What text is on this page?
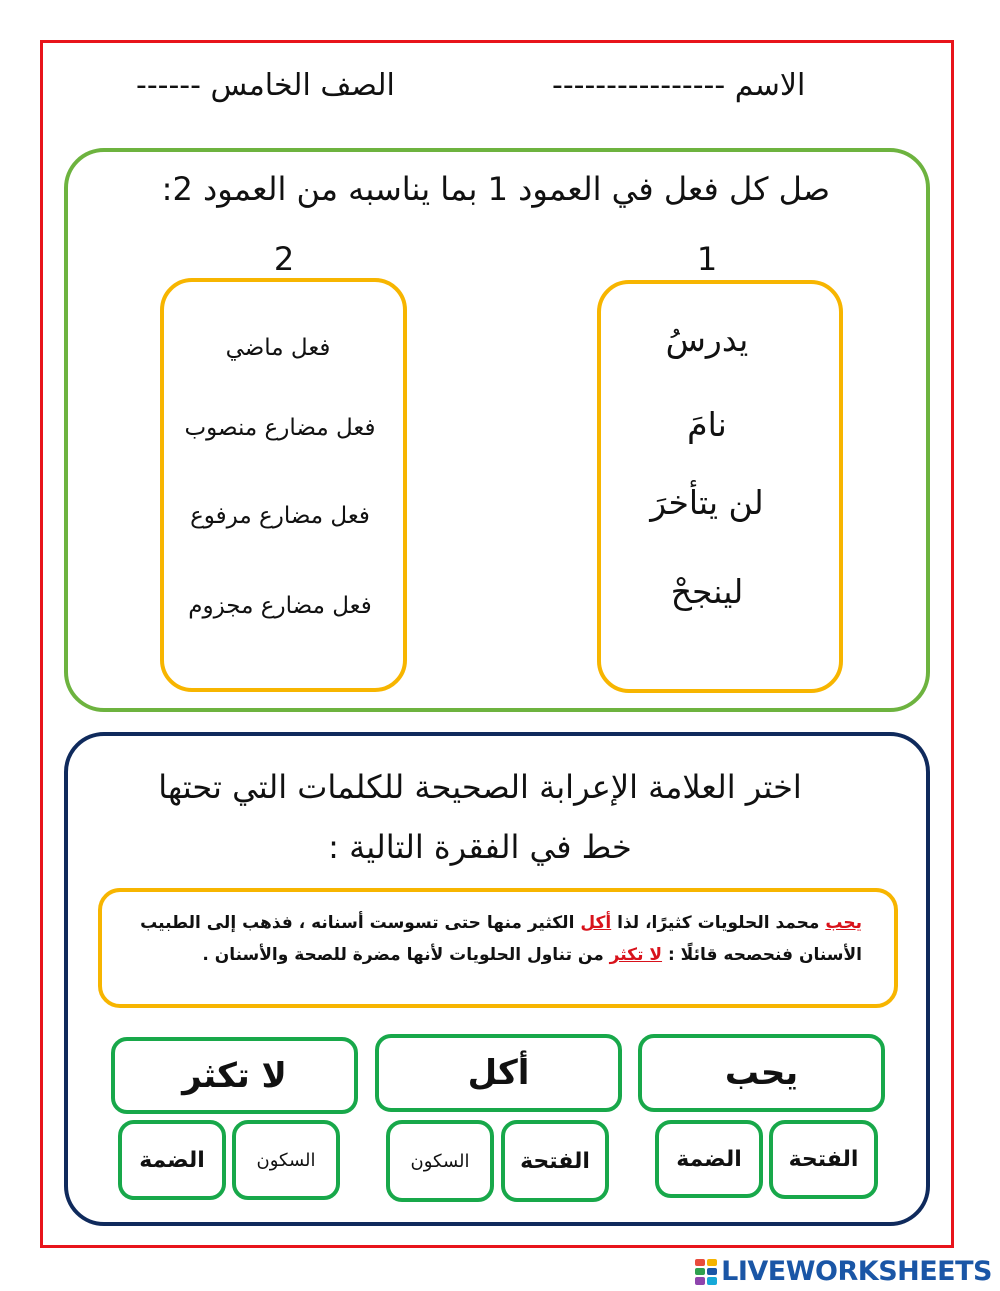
الاسم ----------------
الصف الخامس ------
صل كل فعل في العمود 1 بما يناسبه من العمود 2:
1
2
يدرسُ
نامَ
لن يتأخرَ
لينجحْ
فعل ماضي
فعل مضارع منصوب
فعل مضارع مرفوع
فعل مضارع مجزوم
اختر العلامة الإعرابة الصحيحة للكلمات التي تحتها
خط في الفقرة التالية :
يحب محمد الحلويات كثيرًا، لذا أكل الكثير منها حتى تسوست أسنانه ، فذهب إلى الطبيب
الأسنان فنحصحه قائلًا : لا تكثر من تناول الحلويات لأنها مضرة للصحة والأسنان .
يحب
الفتحة
الضمة
أكل
الفتحة
السكون
لا تكثر
السكون
الضمة
LIVEWORKSHEETS
